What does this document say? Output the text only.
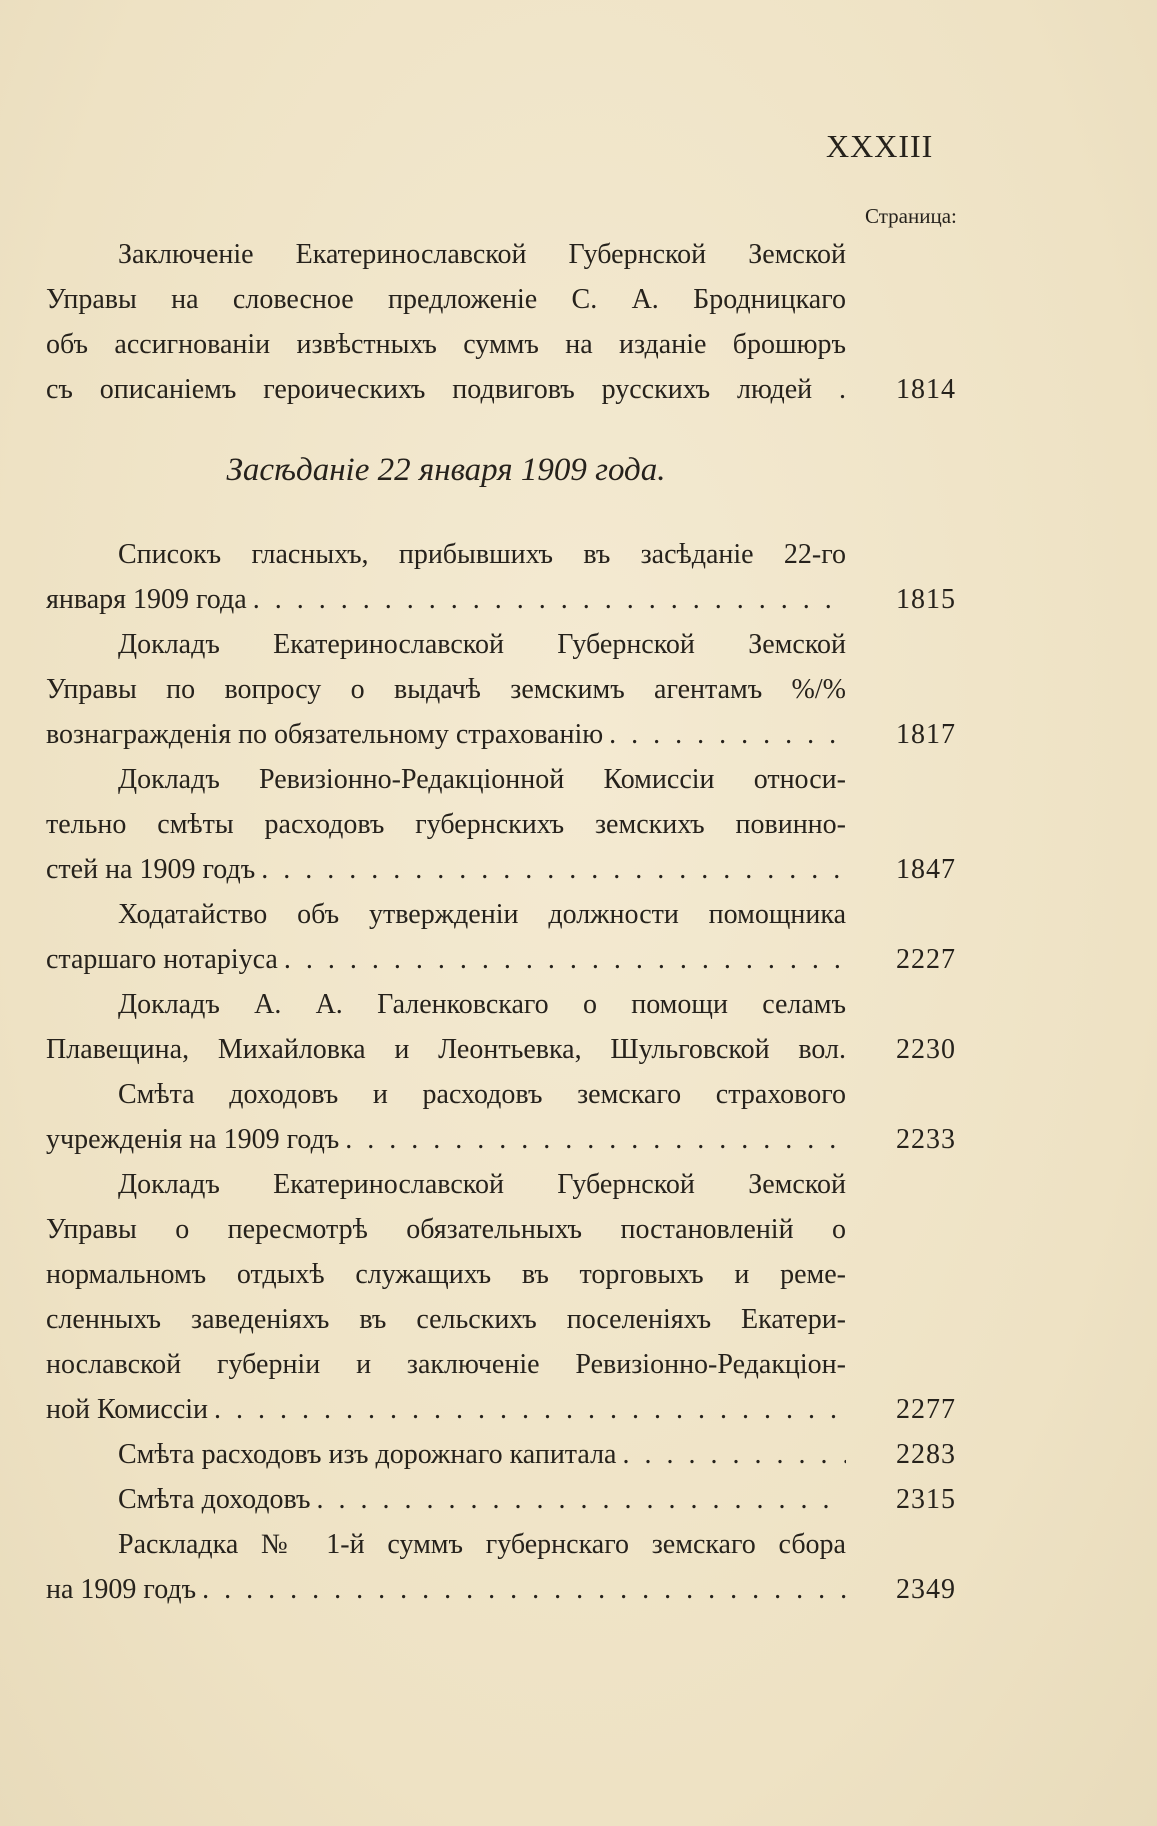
XXXIII
Страница:
Заключеніе Екатеринославской Губернской Земской
Управы на словесное предложеніе С. А. Бродницкаго
объ ассигнованіи извѣстныхъ суммъ на изданіе брошюръ
съ описаніемъ героическихъ подвиговъ русскихъ людей . 1814
Засѣданіе 22 января 1909 года.
Списокъ гласныхъ, прибывшихъ въ засѣданіе 22-го
января 1909 года . . .	1815
Докладъ Екатеринославской Губернской Земской
Управы по вопросу о выдачѣ земскимъ агентамъ %/%
вознагражденія по обязательному страхованію . . .	1817
Докладъ Ревизіонно-Редакціонной Комиссіи относи-
тельно смѣты расходовъ губернскихъ земскихъ повинно-
стей на 1909 годъ . . .	1847
Ходатайство объ утвержденіи должности помощника
старшаго нотаріуса . . .	2227
Докладъ А. А. Галенковскаго о помощи селамъ
Плавещина, Михайловка и Леонтьевка, Шульговской вол. 2230
Смѣта доходовъ и расходовъ земскаго страхового
учрежденія на 1909 годъ . . .	2233
Докладъ Екатеринославской Губернской Земской
Управы о пересмотрѣ обязательныхъ постановленій о
нормальномъ отдыхѣ служащихъ въ торговыхъ и реме-
сленныхъ заведеніяхъ въ сельскихъ поселеніяхъ Екатери-
нославской губерніи и заключеніе Ревизіонно-Редакціон-
ной Комиссіи . . .	2277
Смѣта расходовъ изъ дорожнаго капитала . . .	2283
Смѣта доходовъ . . .	2315
Раскладка № 1-й суммъ губернскаго земскаго сбора
на 1909 годъ . . .	2349
